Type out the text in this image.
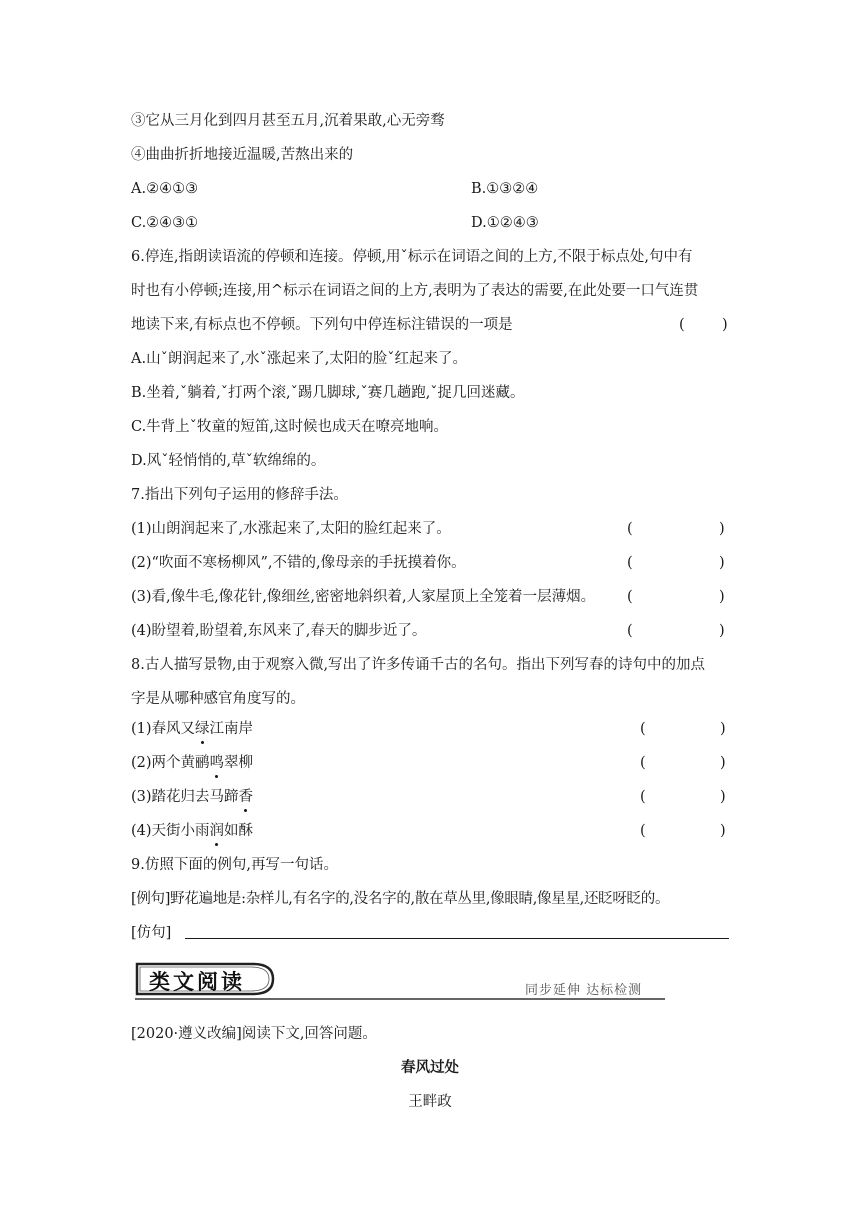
③它从三月化到四月甚至五月,沉着果敢,心无旁骛
④曲曲折折地接近温暖,苦熬出来的
A.②④①③	B.①③②④
C.②④③①	D.①②④③
6.停连,指朗读语流的停顿和连接。停顿,用ˇ标示在词语之间的上方,不限于标点处,句中有
时也有小停顿;连接,用^标示在词语之间的上方,表明为了表达的需要,在此处要一口气连贯
地读下来,有标点也不停顿。下列句中停连标注错误的一项是	(	)
A.山ˇ朗润起来了,水ˇ涨起来了,太阳的脸ˇ红起来了。
B.坐着,ˇ躺着,ˇ打两个滚,ˇ踢几脚球,ˇ赛几趟跑,ˇ捉几回迷藏。
C.牛背上ˇ牧童的短笛,这时候也成天在嘹亮地响。
D.风ˇ轻悄悄的,草ˇ软绵绵的。
7.指出下列句子运用的修辞手法。
(1)山朗润起来了,水涨起来了,太阳的脸红起来了。	(	)
(2)“吹面不寒杨柳风”,不错的,像母亲的手抚摸着你。	(	)
(3)看,像牛毛,像花针,像细丝,密密地斜织着,人家屋顶上全笼着一层薄烟。 (	)
(4)盼望着,盼望着,东风来了,春天的脚步近了。	(	)
8.古人描写景物,由于观察入微,写出了许多传诵千古的名句。指出下列写春的诗句中的加点
字是从哪种感官角度写的。
(1)春风又绿江南岸	(	)
(2)两个黄鹂鸣翠柳	(	)
(3)踏花归去马蹄香	(	)
(4)天街小雨润如酥	(	)
9.仿照下面的例句,再写一句话。
[例句]野花遍地是:杂样儿,有名字的,没名字的,散在草丛里,像眼睛,像星星,还眨呀眨的。
[仿句]
类文阅读	同步延伸 达标检测
[2020·遵义改编]阅读下文,回答问题。
春风过处
王畔政
